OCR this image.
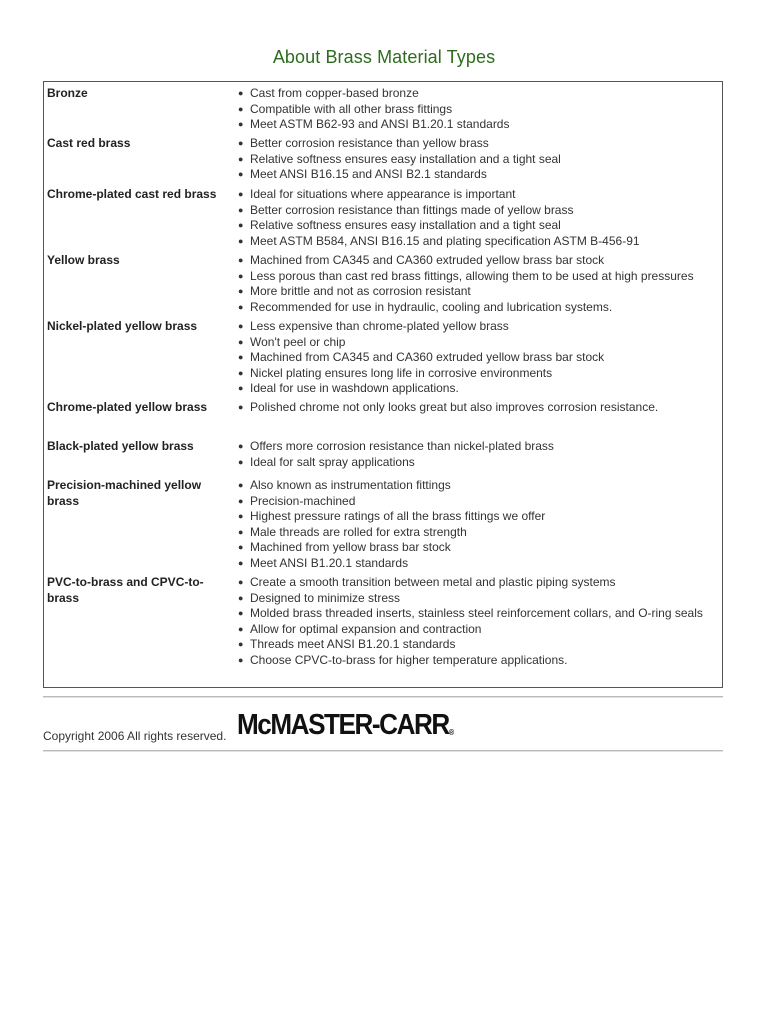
About Brass Material Types
Bronze	● Cast from copper-based bronze
● Compatible with all other brass fittings
● Meet ASTM B62-93 and ANSI B1.20.1 standards
Cast red brass	● Better corrosion resistance than yellow brass
● Relative softness ensures easy installation and a tight seal
● Meet ANSI B16.15 and ANSI B2.1 standards
Chrome-plated cast red brass	● Ideal for situations where appearance is important
● Better corrosion resistance than fittings made of yellow brass
● Relative softness ensures easy installation and a tight seal
● Meet ASTM B584, ANSI B16.15 and plating specification ASTM B-456-91
Yellow brass	● Machined from CA345 and CA360 extruded yellow brass bar stock
● Less porous than cast red brass fittings, allowing them to be used at high pressures
● More brittle and not as corrosion resistant
● Recommended for use in hydraulic, cooling and lubrication systems.
Nickel-plated yellow brass	● Less expensive than chrome-plated yellow brass
● Won't peel or chip
● Machined from CA345 and CA360 extruded yellow brass bar stock
● Nickel plating ensures long life in corrosive environments
● Ideal for use in washdown applications.
Chrome-plated yellow brass	● Polished chrome not only looks great but also improves corrosion resistance.
Black-plated yellow brass	● Offers more corrosion resistance than nickel-plated brass
● Ideal for salt spray applications
Precision-machined yellow brass
● Also known as instrumentation fittings
● Precision-machined
● Highest pressure ratings of all the brass fittings we offer
● Male threads are rolled for extra strength
● Machined from yellow brass bar stock
● Meet ANSI B1.20.1 standards
PVC-to-brass and CPVC-to-brass
● Create a smooth transition between metal and plastic piping systems
● Designed to minimize stress
● Molded brass threaded inserts, stainless steel reinforcement collars, and O-ring seals
● Allow for optimal expansion and contraction
● Threads meet ANSI B1.20.1 standards
● Choose CPVC-to-brass for higher temperature applications.
Copyright 2006 All rights reserved. McMASTER-CARR®
